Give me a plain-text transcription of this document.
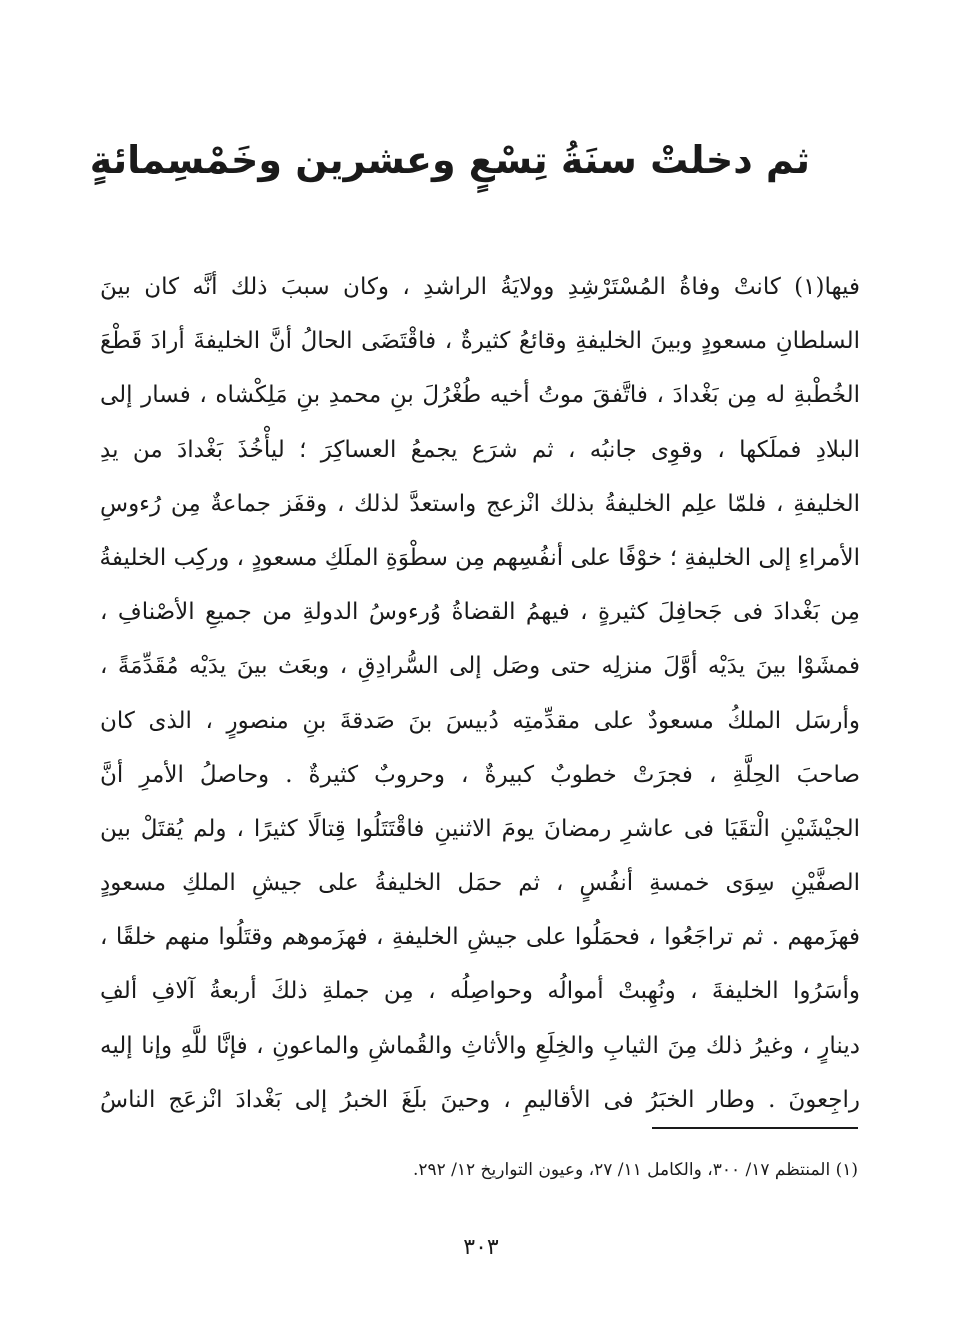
ثم دخلتْ سنَةُ تِسْعٍ وعشرين وخَمْسِمائةٍ
فيها(١) كانتْ وفاةُ المُسْتَرْشِدِ وولايَةُ الراشدِ ، وكان سببَ ذلك أنَّه كان بينَ
السلطانِ مسعودٍ وبينَ الخليفةِ وقائعُ كثيرةٌ ، فاقْتَضَى الحالُ أنَّ الخليفةَ أرادَ قَطْعَ
الخُطْبةِ له مِن بَغْدادَ ، فاتَّفقَ موتُ أخيه طُغْرُلَ بنِ محمدِ بنِ مَلِكْشاه ، فسار إلى
البلادِ فملَكها ، وقوِى جانبُه ، ثم شرَع يجمعُ العساكِرَ ؛ ليأْخُذَ بَغْدادَ من يدِ
الخليفةِ ، فلمّا علِم الخليفةُ بذلك انْزعج واستعدَّ لذلك ، وقفَز جماعةٌ مِن رُءوسِ
الأمراءِ إلى الخليفةِ ؛ خوْفًا على أنفُسِهم مِن سطْوَةِ الملَكِ مسعودٍ ، وركِب الخليفةُ
مِن بَغْدادَ فى جَحافِلَ كثيرةٍ ، فيهمُ القضاةُ وُرءوسُ الدولةِ من جميعِ الأصْنافِ ،
فمشَوْا بينَ يدَيْه أوَّلَ منزلِه حتى وصَل إلى السُّرادِقِ ، وبعَث بينَ يدَيْه مُقَدِّمَةً ،
وأرسَل الملكُ مسعودٌ على مقدِّمتِه دُبيسَ بنَ صَدقةَ بنِ منصورٍ ، الذى كان
صاحبَ الحِلَّةِ ، فجرَتْ خطوبٌ كبيرةٌ ، وحروبٌ كثيرةٌ . وحاصلُ الأمرِ أنَّ
الجيْشَيْنِ الْتقَيَا فى عاشرِ رمضانَ يومَ الاثنينِ فاقْتَتَلُوا قِتالًا كثيرًا ، ولم يُقتَلْ بين
الصفَّيْنِ سِوَى خمسةِ أنفُسٍ ، ثم حمَل الخليفةُ على جيشِ الملكِ مسعودٍ
فهزَمهم . ثم تراجَعُوا ، فحمَلُوا على جيشِ الخليفةِ ، فهزَموهم وقتَلُوا منهم خلقًا ،
وأسَرُوا الخليفةَ ، ونُهِبتْ أموالُه وحواصِلُه ، مِن جملةِ ذلكَ أربعةُ آلافِ ألفِ
دينارٍ ، وغيرُ ذلك مِنَ الثيابِ والخِلَعِ والأثاثِ والقُماشِ والماعونِ ، فإنَّا للَّهِ وإنا إليه
راجِعونَ . وطار الخبَرُ فى الأقاليمِ ، وحينَ بلَغَ الخبرُ إلى بَغْدادَ انْزعَج الناسُ
(١) المنتظم ١٧/ ٣٠٠، والكامل ١١/ ٢٧، وعيون التواريخ ١٢/ ٢٩٢.
٣٠٣
